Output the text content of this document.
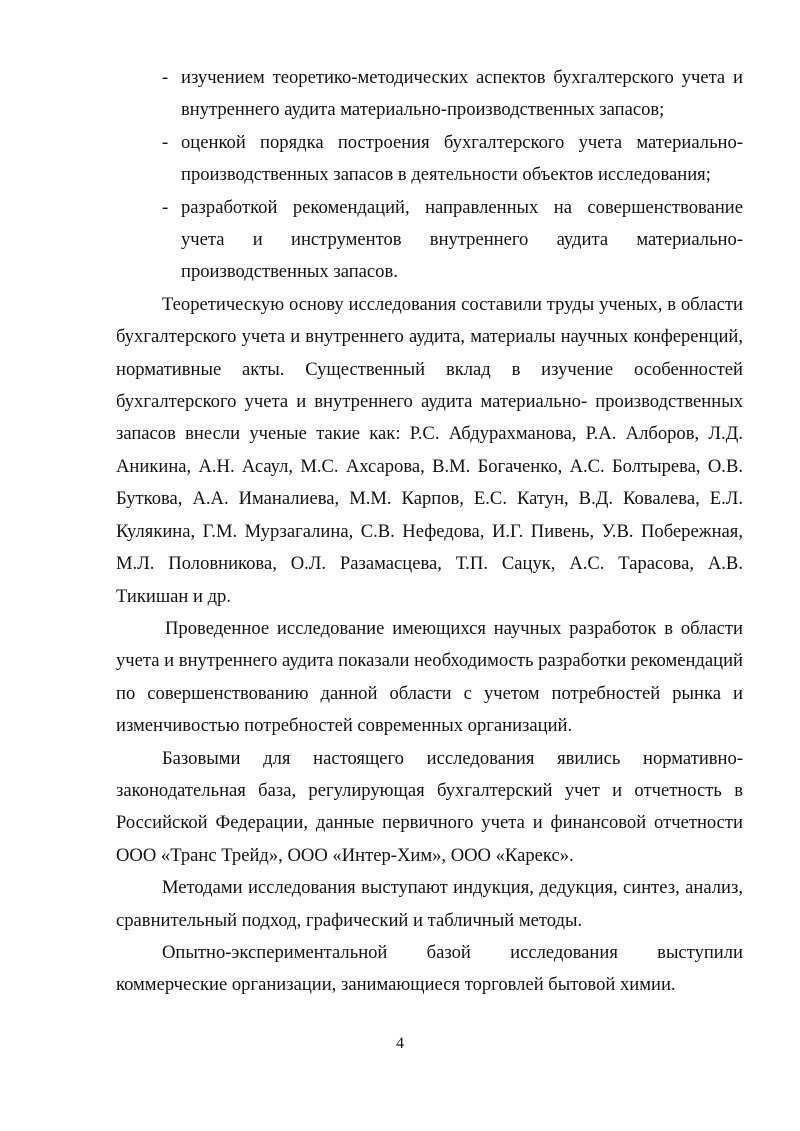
- изучением теоретико-методических аспектов бухгалтерского учета и внутреннего аудита материально-производственных запасов;
- оценкой порядка построения бухгалтерского учета материально-производственных запасов в деятельности объектов исследования;
- разработкой рекомендаций, направленных на совершенствование учета и инструментов внутреннего аудита материально-производственных запасов.

Теоретическую основу исследования составили труды ученых, в области бухгалтерского учета и внутреннего аудита, материалы научных конференций, нормативные акты. Существенный вклад в изучение особенностей бухгалтерского учета и внутреннего аудита материально- производственных запасов внесли ученые такие как: Р.С. Абдурахманова, Р.А. Алборов, Л.Д. Аникина, А.Н. Асаул, М.С. Ахсарова, В.М. Богаченко, А.С. Болтырева, О.В. Буткова, А.А. Иманалиева, М.М. Карпов, Е.С. Катун, В.Д. Ковалева, Е.Л. Кулякина, Г.М. Мурзагалина, С.В. Нефедова, И.Г. Пивень, У.В. Побережная, М.Л. Половникова, О.Л. Разамасцева, Т.П. Сацук, А.С. Тарасова, А.В. Тикишан и др.

Проведенное исследование имеющихся научных разработок в области учета и внутреннего аудита показали необходимость разработки рекомендаций по совершенствованию данной области с учетом потребностей рынка и изменчивостью потребностей современных организаций.

Базовыми для настоящего исследования явились нормативно-законодательная база, регулирующая бухгалтерский учет и отчетность в Российской Федерации, данные первичного учета и финансовой отчетности ООО «Транс Трейд», ООО «Интер-Хим», ООО «Карекс».

Методами исследования выступают индукция, дедукция, синтез, анализ, сравнительный подход, графический и табличный методы.

Опытно-экспериментальной базой исследования выступили коммерческие организации, занимающиеся торговлей бытовой химии.

4
